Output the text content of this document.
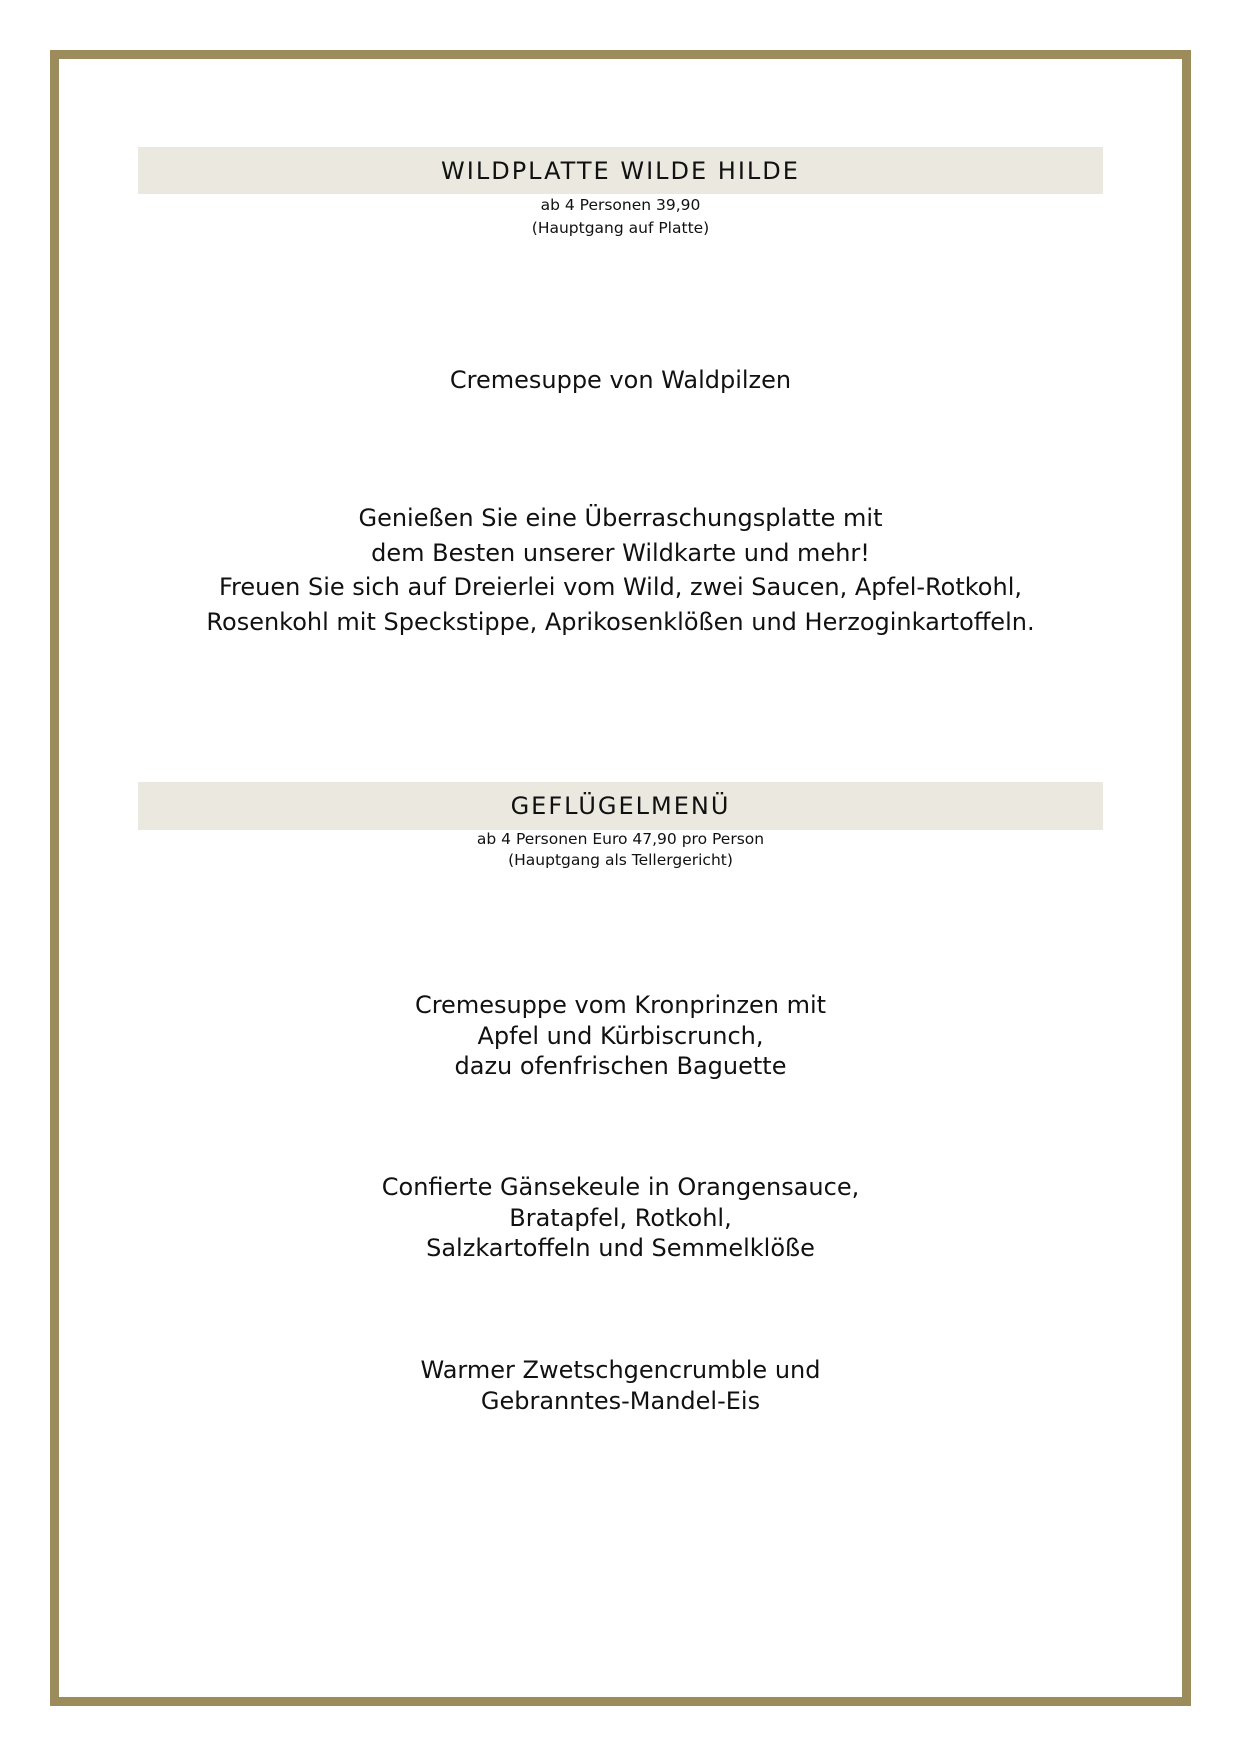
WILDPLATTE WILDE HILDE
ab 4 Personen 39,90
(Hauptgang auf Platte)
Cremesuppe von Waldpilzen
Genießen Sie eine Überraschungsplatte mit
dem Besten unserer Wildkarte und mehr!
Freuen Sie sich auf Dreierlei vom Wild, zwei Saucen, Apfel-Rotkohl,
Rosenkohl mit Speckstippe, Aprikosenklößen und Herzoginkartoffeln.
GEFLÜGELMENÜ
ab 4 Personen Euro 47,90 pro Person
(Hauptgang als Tellergericht)
Cremesuppe vom Kronprinzen mit
Apfel und Kürbiscrunch,
dazu ofenfrischen Baguette
Confierte Gänsekeule in Orangensauce,
Bratapfel, Rotkohl,
Salzkartoffeln und Semmelklöße
Warmer Zwetschgencrumble und
Gebranntes-Mandel-Eis
